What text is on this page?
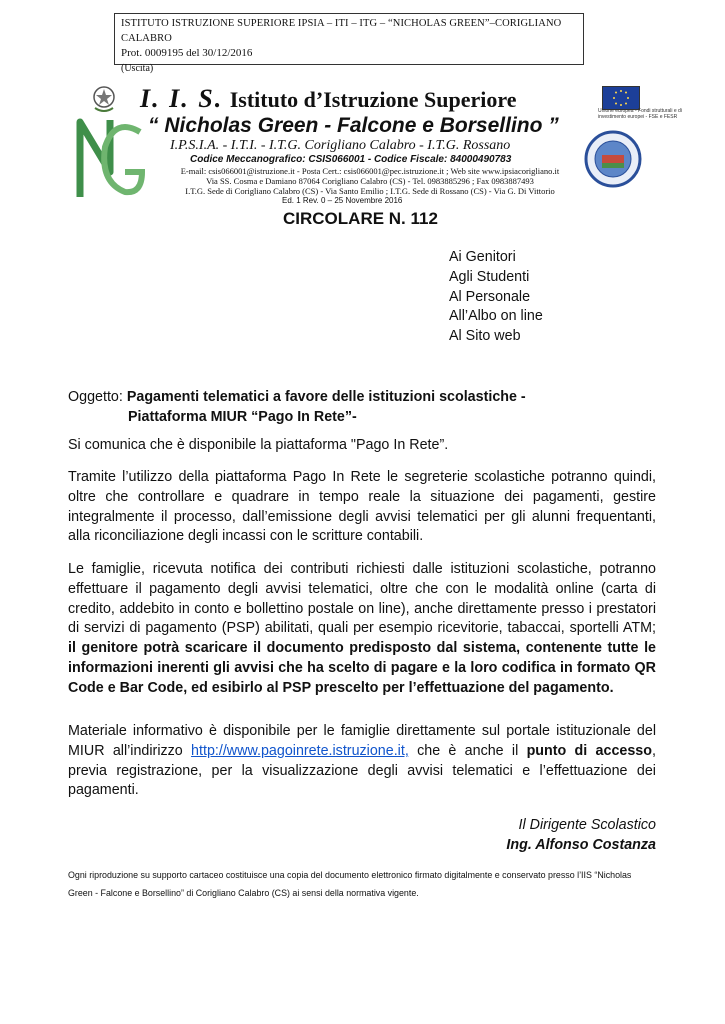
ISTITUTO ISTRUZIONE SUPERIORE IPSIA – ITI – ITG – “NICHOLAS GREEN”–CORIGLIANO CALABRO
Prot. 0009195 del 30/12/2016
(Uscita)
Unione europea - Fondi strutturali e di investimento europei - FSE e FESR
I. I. S. Istituto d’Istruzione Superiore
“ Nicholas Green - Falcone e Borsellino ”
I.P.S.I.A. - I.T.I. - I.T.G. Corigliano Calabro - I.T.G. Rossano
Codice Meccanografico: CSIS066001 - Codice Fiscale: 84000490783
E-mail: csis066001@istruzione.it - Posta Cert.: csis066001@pec.istruzione.it ; Web site www.ipsiacorigliano.it
Via SS. Cosma e Damiano 87064 Corigliano Calabro (CS) - Tel. 0983885296 ; Fax 0983887493
I.T.G. Sede di Corigliano Calabro (CS) - Via Santo Emilio ; I.T.G. Sede di Rossano (CS) - Via G. Di Vittorio
Ed. 1 Rev. 0 – 25 Novembre 2016
CIRCOLARE N. 112
Ai Genitori
Agli Studenti
Al Personale
All’Albo on line
Al Sito web
Oggetto: Pagamenti telematici a favore delle istituzioni scolastiche -
Piattaforma MIUR “Pago In Rete”-
Si comunica che è disponibile la piattaforma "Pago In Rete”.
Tramite l’utilizzo della piattaforma Pago In Rete le segreterie scolastiche potranno quindi, oltre che controllare e quadrare in tempo reale la situazione dei pagamenti, gestire integralmente il processo, dall’emissione degli avvisi telematici per gli alunni frequentanti, alla riconciliazione degli incassi con le scritture contabili.
Le famiglie, ricevuta notifica dei contributi richiesti dalle istituzioni scolastiche, potranno effettuare il pagamento degli avvisi telematici, oltre che con le modalità online (carta di credito, addebito in conto e bollettino postale on line), anche direttamente presso i prestatori di servizi di pagamento (PSP) abilitati, quali per esempio ricevitorie, tabaccai, sportelli ATM; il genitore potrà scaricare il documento predisposto dal sistema, contenente tutte le informazioni inerenti gli avvisi che ha scelto di pagare e la loro codifica in formato QR Code e Bar Code, ed esibirlo al PSP prescelto per l’effettuazione del pagamento.
Materiale informativo è disponibile per le famiglie direttamente sul portale istituzionale del MIUR all’indirizzo http://www.pagoinrete.istruzione.it, che è anche il punto di accesso, previa registrazione, per la visualizzazione degli avvisi telematici e l’effettuazione dei pagamenti.
Il Dirigente Scolastico
Ing. Alfonso Costanza
Ogni riproduzione su supporto cartaceo costituisce una copia del documento elettronico firmato digitalmente e conservato presso l’IIS “Nicholas Green - Falcone e Borsellino” di Corigliano Calabro (CS) ai sensi della normativa vigente.
